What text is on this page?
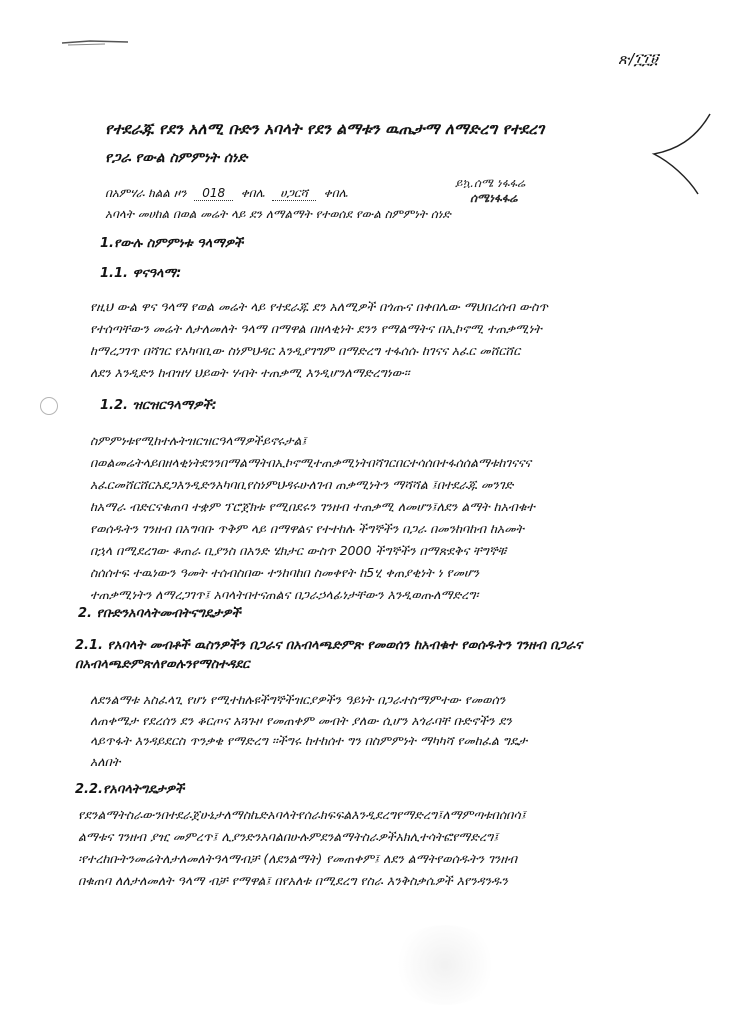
ጽ/፲፲፱
የተደራጁ የደን አለሚ ቡድን አባላት የደን ልማቱን ዉጤታማ ለማድረግ የተደረገ
የጋራ የውል ስምምነት ሰነድ
በአምሃራ ክልል ዞን 018 ቀበሌ ሀጋርሻ ቀበሌ
ይኳ.ሰሜ ነፋፋሬ
ሰሜነፋፋሬ
አባላት መሀከል በወል መሬት ላይ ደን ለማልማት የተወሰደ የውል ስምምነት ሰነድ
1.የውሉ ስምምነቱ ዓላማዎች
1.1. ዋናዓላማ:
የዚህ ውል ዋና ዓላማ የወል መሬት ላይ የተደራጁ ደን አለሚዎች በጎጡና በቀበሌው ማህበረሰብ ውስጥ
የተሰጣቸውን መሬት ለታለመለት ዓላማ በማዋል በዘላቂነት ደንን የማልማትና በኢኮኖሚ ተጠቃሚነት
ከማረጋገጥ በሻገር የአካባቢው ስነምህዳር እንዲያገግም በማድረግ ተፋሰሱ ከገናና አፈር መሸርሸር
ለደን እንዲድን ከብዝሃ ህይወት ሃብት ተጠቃሚ እንዲሆንለማድረግነው።
1.2. ዝርዝርዓላማዎች:
ስምምነቱየሚከተሉትዝርዝርዓላማዎችይኖሩታል፤
በወልመሬትላይበዘላቂነትደንንበማልማትበኢኮኖሚተጠቃሚነትበሻገርበርተሳሰበተፋሰሰልማቱከገናናና
አፈርመሸርሸርአደጋእንዲድንአካባቢየስነምህዳሩሁለገብ ጠቃሚነትን ማሻሻል ፤በተደራጁ መንገድ
ከአማራ ብድርናቁጠባ ተቋም ፕሮጀክቱ የሚበደሩን ገንዘብ ተጠቃሚ ለመሆን፤ለደን ልማት ከአብቁተ
የወሰዱትን ገንዘብ በአግባቡ ጥቅም ላይ በማዋልና የተተከሉ ችግኞችን በጋራ በመንከባከብ ከአመት
በኋላ በሚደረገው ቆጠራ ቢያንስ በአንድ ሄክታር ውስጥ 2000 ችግኞችን በማጽደቅና ቸግኞቹ
ስሰሰተፍ ተዉነውን ዓመት ተሰብስበው ተንከባከበ ስመቀየት ከ5ሂ ቀጠያቂነት ነ የመሆን
ተጠቃሚነትን ለማረጋገጥ፤ አባላትበተናጠልና በጋራኃላፊነታቸውን እንዲወጡለማድረግ፡
2. የቡድንአባላትመብትናግዴታዎች
2.1. የአባላት መብቶች ዉስንዎችን በጋራና በአብላጫድምጽ የመወሰን ከአብቁተ የወሰዱትን ገንዘብ በጋራና በአብላጫድምጽለየወሉንየማስተዳደር
ለደንልማቱ አስፈላጊ የሆነ የሚተከሉዩችግኞችዝርያዎችን ዓይነት በጋራተስማምተው የመወሰን
ለጠቀሜታ የደረሰን ደን ቆርጦና አጓጉዞ የመጠቀም መብት ያለው ሲሆን አጎራባቸ ቡድኖችን ደን
ላይጥፋት እንዳይደርስ ጥንቃቄ የማድረግ ፡፡ችግሩ ከተከሰተ ግን በስምምነት ማካካሻ የመከፈል ግዴታ
አለበት
2.2.የአባላትግዴታዎች
የደንልማትስራውንበተደራጀሁኔታለማስኬድአባላትየሰራክፍፍልእንዲደረግየማድረግ፤ለማምጣቱበሰበሳ፤
ልማቱና ገንዘብ ያዢ መምረጥ፤ ሊያንድንአባልበሁሉምደንልማትስራዎችአክሊተሳትፎየማድረግ፤
፡የተረከቡትንመሬትለታለመለትዓላማብቻ (ለደንልማት) የመጠቀም፤ ለደን ልማትየወሰዱትን ገንዘብ
በቁጠባ ለለታለመለት ዓላማ ብቻ የማዋል፤ በየአለቱ በሚደረግ የስራ እንቅስቃሴዎች እየንዳንዱን
